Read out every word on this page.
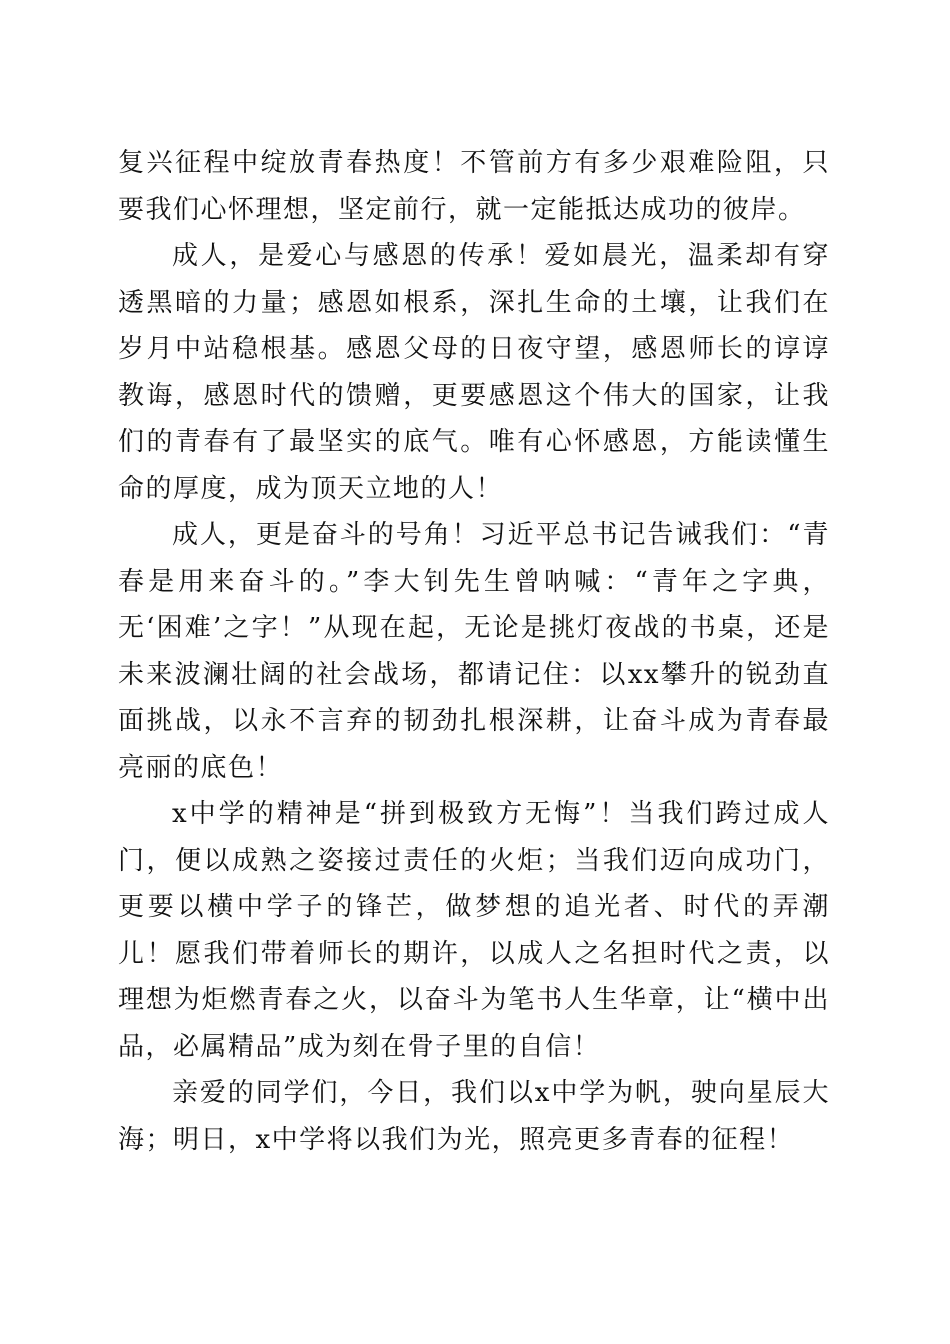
复兴征程中绽放青春热度！不管前方有多少艰难险阻，只要我们心怀理想，坚定前行，就一定能抵达成功的彼岸。

成人，是爱心与感恩的传承！爱如晨光，温柔却有穿透黑暗的力量；感恩如根系，深扎生命的土壤，让我们在岁月中站稳根基。感恩父母的日夜守望，感恩师长的谆谆教诲，感恩时代的馈赠，更要感恩这个伟大的国家，让我们的青春有了最坚实的底气。唯有心怀感恩，方能读懂生命的厚度，成为顶天立地的人！

成人，更是奋斗的号角！习近平总书记告诫我们：“青春是用来奋斗的。”李大钊先生曾呐喊：“青年之字典，无‘困难’之字！”从现在起，无论是挑灯夜战的书桌，还是未来波澜壮阔的社会战场，都请记住：以xx攀升的锐劲直面挑战，以永不言弃的韧劲扎根深耕，让奋斗成为青春最亮丽的底色！

x中学的精神是“拼到极致方无悔”！当我们跨过成人门，便以成熟之姿接过责任的火炬；当我们迈向成功门，更要以横中学子的锋芒，做梦想的追光者、时代的弄潮儿！愿我们带着师长的期许，以成人之名担时代之责，以理想为炬燃青春之火，以奋斗为笔书人生华章，让“横中出品，必属精品”成为刻在骨子里的自信！

亲爱的同学们，今日，我们以x中学为帆，驶向星辰大海；明日，x中学将以我们为光，照亮更多青春的征程！
